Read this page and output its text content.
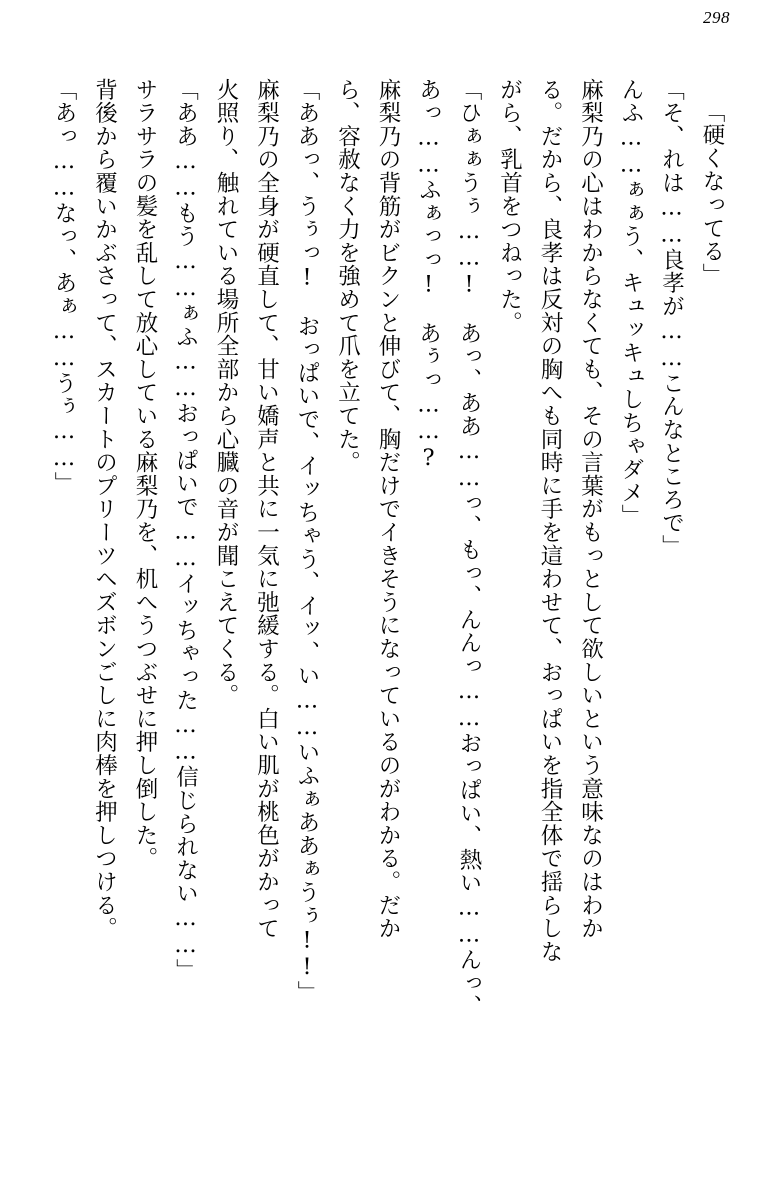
298
「硬くなってる」
「そ、れは……良孝が……こんなところで」
んふ……ぁぁう、キュッキュしちゃダメ」
麻梨乃の心はわからなくても、その言葉がもっとして欲しいという意味なのはわか
る。だから、良孝は反対の胸へも同時に手を這わせて、おっぱいを指全体で揺らしな
がら、乳首をつねった。
「ひぁぁうぅ……!　あっ、ああ……っ、もっ、んんっ……おっぱい、熱い……んっ、
あっ……ふぁっっ!　あぅっ……?
麻梨乃の背筋がビクンと伸びて、胸だけでイきそうになっているのがわかる。だか
ら、容赦なく力を強めて爪を立てた。
「ああっ、うぅっ!　おっぱいで、イッちゃう、イッ、い……いふぁああぁうぅ!!」
麻梨乃の全身が硬直して、甘い嬌声と共に一気に弛緩する。白い肌が桃色がかって
火照り、触れている場所全部から心臓の音が聞こえてくる。
「ああ……もう……ぁふ……おっぱいで……イッちゃった……信じられない……」
サラサラの髪を乱して放心している麻梨乃を、机へうつぶせに押し倒した。
背後から覆いかぶさって、スカートのプリーツヘズボンごしに肉棒を押しつける。
「あっ……なっ、あぁ……うぅ……」
